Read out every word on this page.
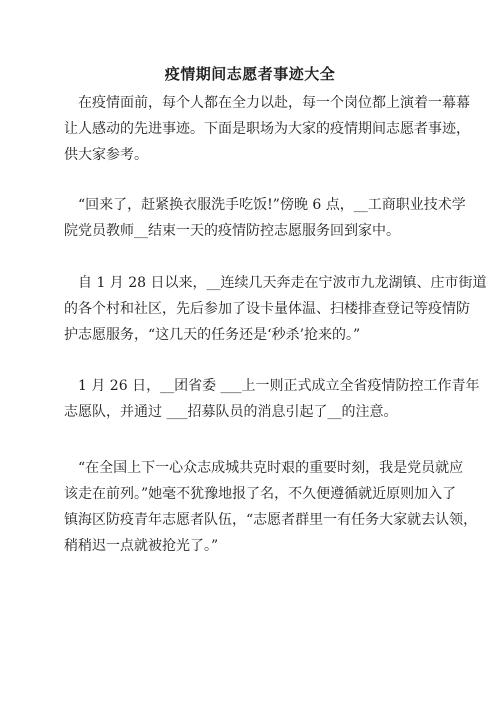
疫情期间志愿者事迹大全

　在疫情面前，每个人都在全力以赴，每一个岗位都上演着一幕幕
让人感动的先进事迹。下面是职场为大家的疫情期间志愿者事迹，
供大家参考。

　“回来了，赶紧换衣服洗手吃饭!”傍晚 6 点，__工商职业技术学
院党员教师__结束一天的疫情防控志愿服务回到家中。

　自 1 月 28 日以来，__连续几天奔走在宁波市九龙湖镇、庄市街道
的各个村和社区，先后参加了设卡量体温、扫楼排查登记等疫情防
护志愿服务，“这几天的任务还是‘秒杀’抢来的。”

　1 月 26 日，__团省委 ___上一则正式成立全省疫情防控工作青年
志愿队，并通过 ___招募队员的消息引起了__的注意。

　“在全国上下一心众志成城共克时艰的重要时刻，我是党员就应
该走在前列。”她毫不犹豫地报了名，不久便遵循就近原则加入了
镇海区防疫青年志愿者队伍，“志愿者群里一有任务大家就去认领，
稍稍迟一点就被抢光了。”
